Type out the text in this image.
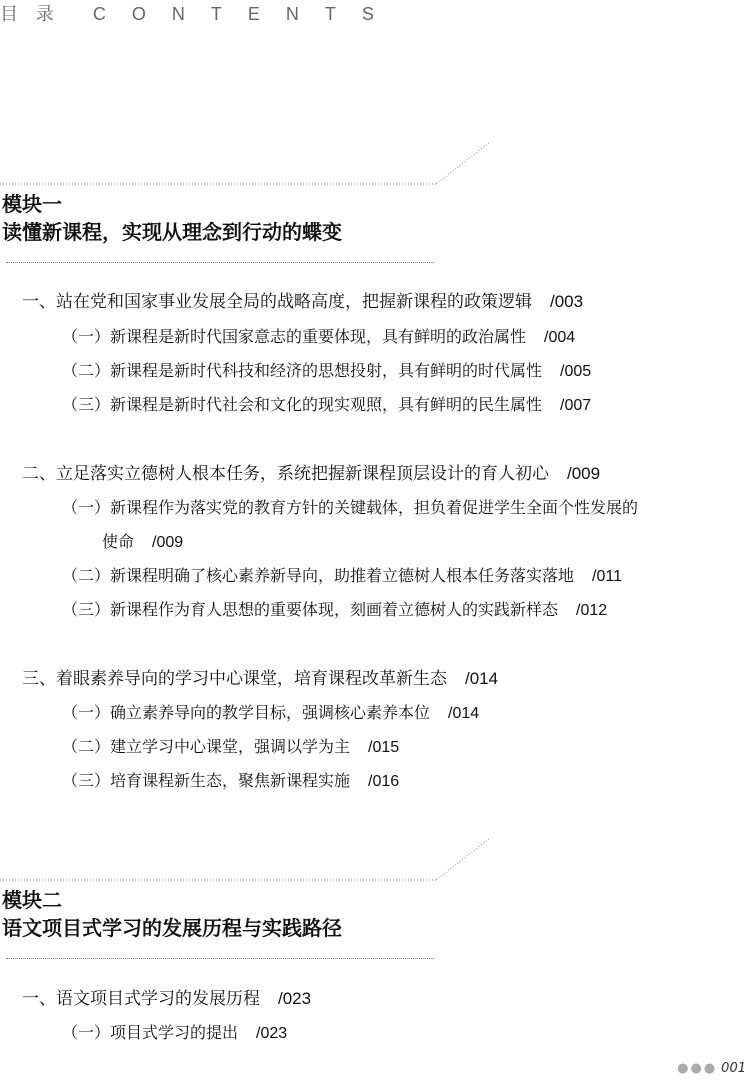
目 录 CONTENTS
模块一
读懂新课程，实现从理念到行动的蝶变
一、站在党和国家事业发展全局的战略高度，把握新课程的政策逻辑 /003
（一）新课程是新时代国家意志的重要体现，具有鲜明的政治属性 /004
（二）新课程是新时代科技和经济的思想投射，具有鲜明的时代属性 /005
（三）新课程是新时代社会和文化的现实观照，具有鲜明的民生属性 /007
二、立足落实立德树人根本任务，系统把握新课程顶层设计的育人初心 /009
（一）新课程作为落实党的教育方针的关键载体，担负着促进学生全面个性发展的
使命 /009
（二）新课程明确了核心素养新导向，助推着立德树人根本任务落实落地 /011
（三）新课程作为育人思想的重要体现，刻画着立德树人的实践新样态 /012
三、着眼素养导向的学习中心课堂，培育课程改革新生态 /014
（一）确立素养导向的教学目标，强调核心素养本位 /014
（二）建立学习中心课堂，强调以学为主 /015
（三）培育课程新生态，聚焦新课程实施 /016
模块二
语文项目式学习的发展历程与实践路径
一、语文项目式学习的发展历程 /023
（一）项目式学习的提出 /023
●●● 001
